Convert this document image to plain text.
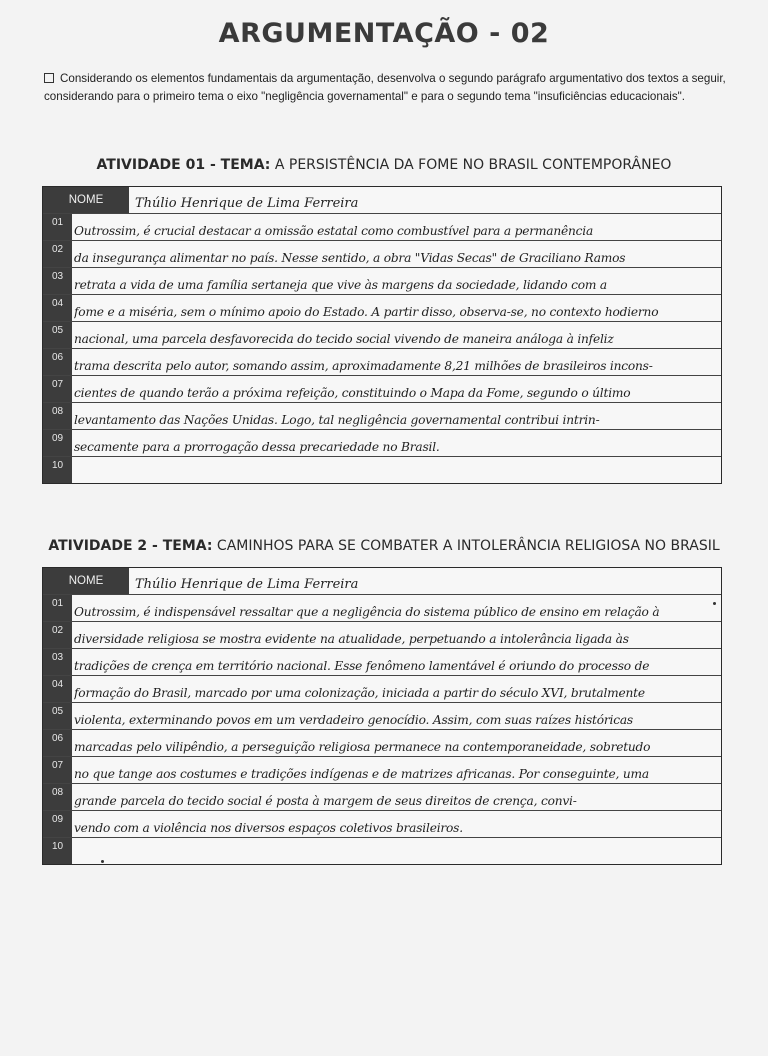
ARGUMENTAÇÃO - 02
Considerando os elementos fundamentais da argumentação, desenvolva o segundo parágrafo argumentativo dos textos a seguir, considerando para o primeiro tema o eixo "negligência governamental" e para o segundo tema "insuficiências educacionais".
ATIVIDADE 01 - TEMA: A PERSISTÊNCIA DA FOME NO BRASIL CONTEMPORÂNEO
NOME	Thúlio Henrique de Lima Ferreira
01
Outrossim, é crucial destacar a omissão estatal como combustível para a permanência
02
da insegurança alimentar no país. Nesse sentido, a obra "Vidas Secas" de Graciliano Ramos
03
retrata a vida de uma família sertaneja que vive às margens da sociedade, lidando com a
04
fome e a miséria, sem o mínimo apoio do Estado. A partir disso, observa-se, no contexto hodierno
05
nacional, uma parcela desfavorecida do tecido social vivendo de maneira análoga à infeliz
06
trama descrita pelo autor, somando assim, aproximadamente 8,21 milhões de brasileiros incons-
07
cientes de quando terão a próxima refeição, constituindo o Mapa da Fome, segundo o último
08
levantamento das Nações Unidas. Logo, tal negligência governamental contribui intrin-
09
secamente para a prorrogação dessa precariedade no Brasil.
10
ATIVIDADE 2 - TEMA: CAMINHOS PARA SE COMBATER A INTOLERÂNCIA RELIGIOSA NO BRASIL
NOME	Thúlio Henrique de Lima Ferreira
01
Outrossim, é indispensável ressaltar que a negligência do sistema público de ensino em relação à
02
diversidade religiosa se mostra evidente na atualidade, perpetuando a intolerância ligada às
03
tradições de crença em território nacional. Esse fenômeno lamentável é oriundo do processo de
04
formação do Brasil, marcado por uma colonização, iniciada a partir do século XVI, brutalmente
05
violenta, exterminando povos em um verdadeiro genocídio. Assim, com suas raízes históricas
06
marcadas pelo vilipêndio, a perseguição religiosa permanece na contemporaneidade, sobretudo
07
no que tange aos costumes e tradições indígenas e de matrizes africanas. Por conseguinte, uma
08
grande parcela do tecido social é posta à margem de seus direitos de crença, convi-
09
vendo com a violência nos diversos espaços coletivos brasileiros.
10
